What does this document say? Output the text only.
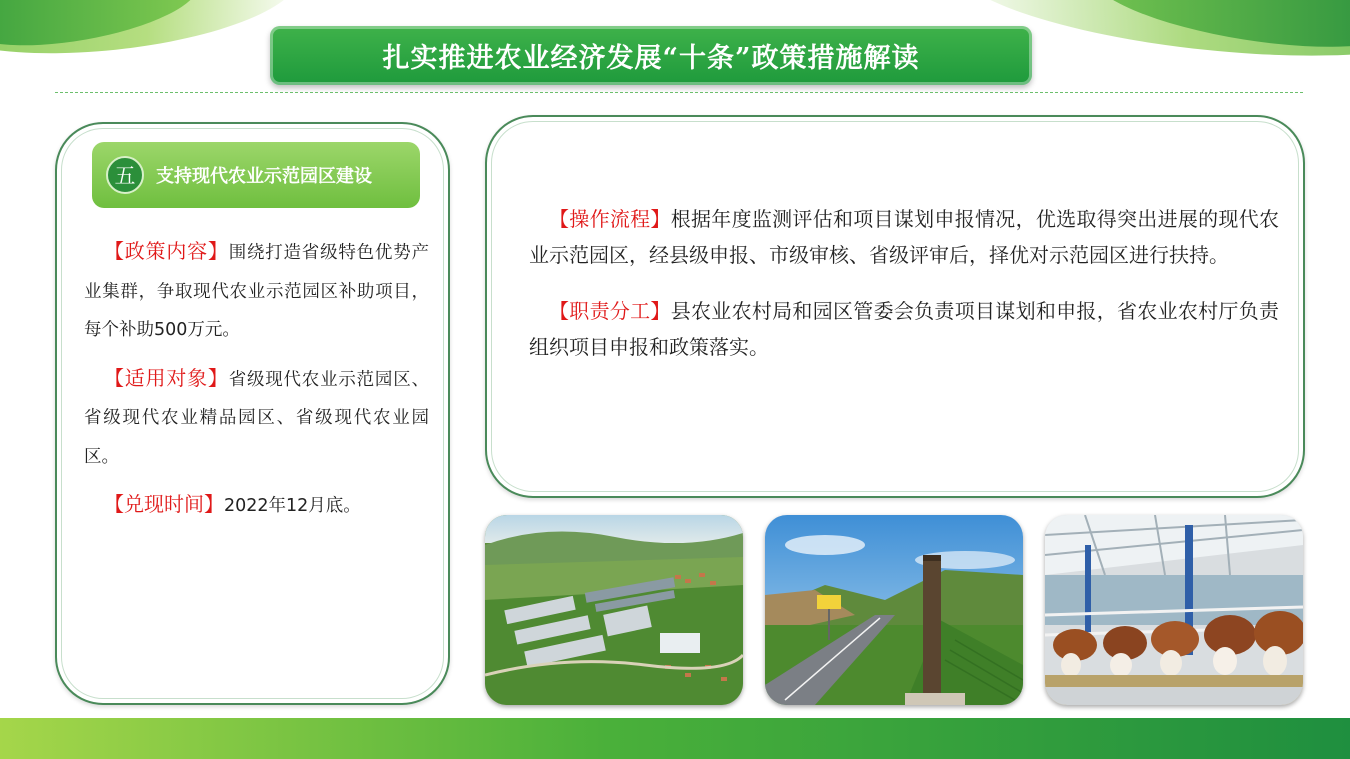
扎实推进农业经济发展“十条”政策措施解读
五	支持现代农业示范园区建设

【政策内容】围绕打造省级特色优势产业集群，争取现代农业示范园区补助项目，每个补助500万元。

【适用对象】省级现代农业示范园区、省级现代农业精品园区、省级现代农业园区。

【兑现时间】2022年12月底。

【操作流程】根据年度监测评估和项目谋划申报情况，优选取得突出进展的现代农业示范园区，经县级申报、市级审核、省级评审后，择优对示范园区进行扶持。

【职责分工】县农业农村局和园区管委会负责项目谋划和申报，省农业农村厅负责组织项目申报和政策落实。
